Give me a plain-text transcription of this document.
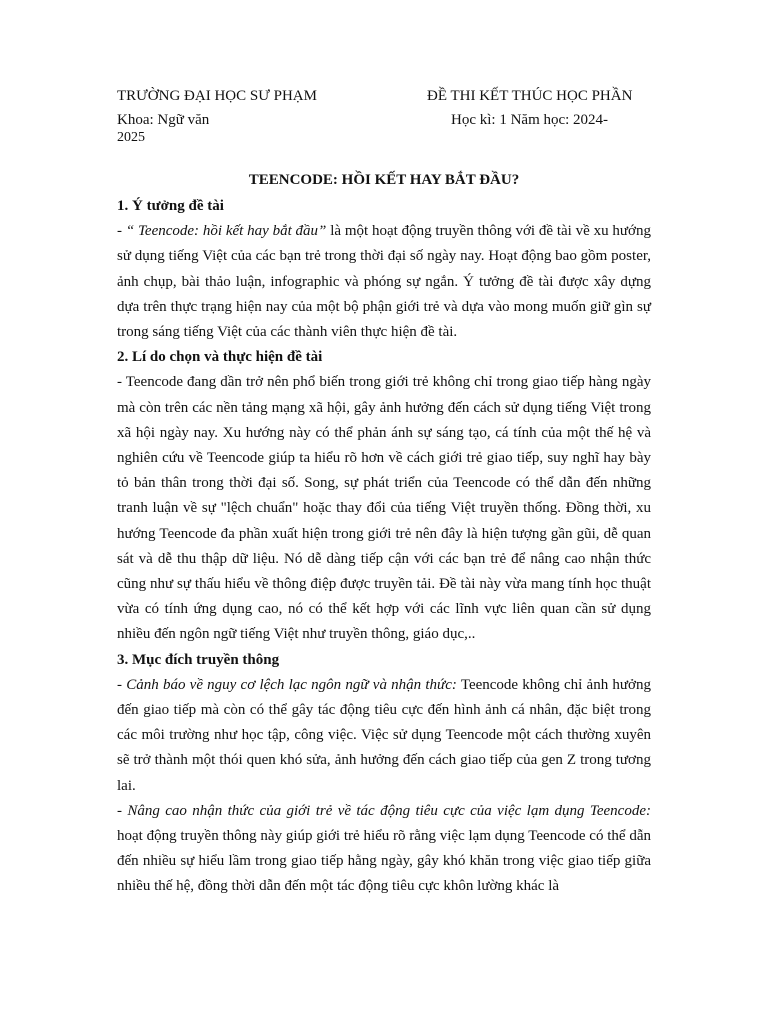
TRƯỜNG ĐẠI HỌC SƯ PHẠM	ĐỀ THI KẾT THÚC HỌC PHẦN
Khoa: Ngữ văn	Học kì: 1 Năm học: 2024-
2025
TEENCODE: HỒI KẾT HAY BẮT ĐẦU?

1. Ý tưởng đề tài

- “ Teencode: hồi kết hay bắt đầu” là một hoạt động truyền thông với đề tài về xu hướng sử dụng tiếng Việt của các bạn trẻ trong thời đại số ngày nay. Hoạt động bao gồm poster, ảnh chụp, bài thảo luận, infographic và phóng sự ngắn. Ý tưởng đề tài được xây dựng dựa trên thực trạng hiện nay của một bộ phận giới trẻ và dựa vào mong muốn giữ gìn sự trong sáng tiếng Việt của các thành viên thực hiện đề tài.

2. Lí do chọn và thực hiện đề tài

- Teencode đang dần trở nên phổ biến trong giới trẻ không chỉ trong giao tiếp hàng ngày mà còn trên các nền tảng mạng xã hội, gây ảnh hưởng đến cách sử dụng tiếng Việt trong xã hội ngày nay. Xu hướng này có thể phản ánh sự sáng tạo, cá tính của một thế hệ và nghiên cứu về Teencode giúp ta hiểu rõ hơn về cách giới trẻ giao tiếp, suy nghĩ hay bày tỏ bản thân trong thời đại số. Song, sự phát triển của Teencode có thể dẫn đến những tranh luận về sự "lệch chuẩn" hoặc thay đổi của tiếng Việt truyền thống. Đồng thời, xu hướng Teencode đa phần xuất hiện trong giới trẻ nên đây là hiện tượng gần gũi, dễ quan sát và dễ thu thập dữ liệu. Nó dễ dàng tiếp cận với các bạn trẻ để nâng cao nhận thức cũng như sự thấu hiểu về thông điệp được truyền tải. Đề tài này vừa mang tính học thuật vừa có tính ứng dụng cao, nó có thể kết hợp với các lĩnh vực liên quan cần sử dụng nhiều đến ngôn ngữ tiếng Việt như truyền thông, giáo dục,..

3. Mục đích truyền thông

- Cảnh báo về nguy cơ lệch lạc ngôn ngữ và nhận thức: Teencode không chỉ ảnh hưởng đến giao tiếp mà còn có thể gây tác động tiêu cực đến hình ảnh cá nhân, đặc biệt trong các môi trường như học tập, công việc. Việc sử dụng Teencode một cách thường xuyên sẽ trở thành một thói quen khó sửa, ảnh hưởng đến cách giao tiếp của gen Z trong tương lai.

- Nâng cao nhận thức của giới trẻ về tác động tiêu cực của việc lạm dụng Teencode: hoạt động truyền thông này giúp giới trẻ hiểu rõ rằng việc lạm dụng Teencode có thể dẫn đến nhiều sự hiểu lầm trong giao tiếp hằng ngày, gây khó khăn trong việc giao tiếp giữa nhiều thế hệ, đồng thời dẫn đến một tác động tiêu cực khôn lường khác là
